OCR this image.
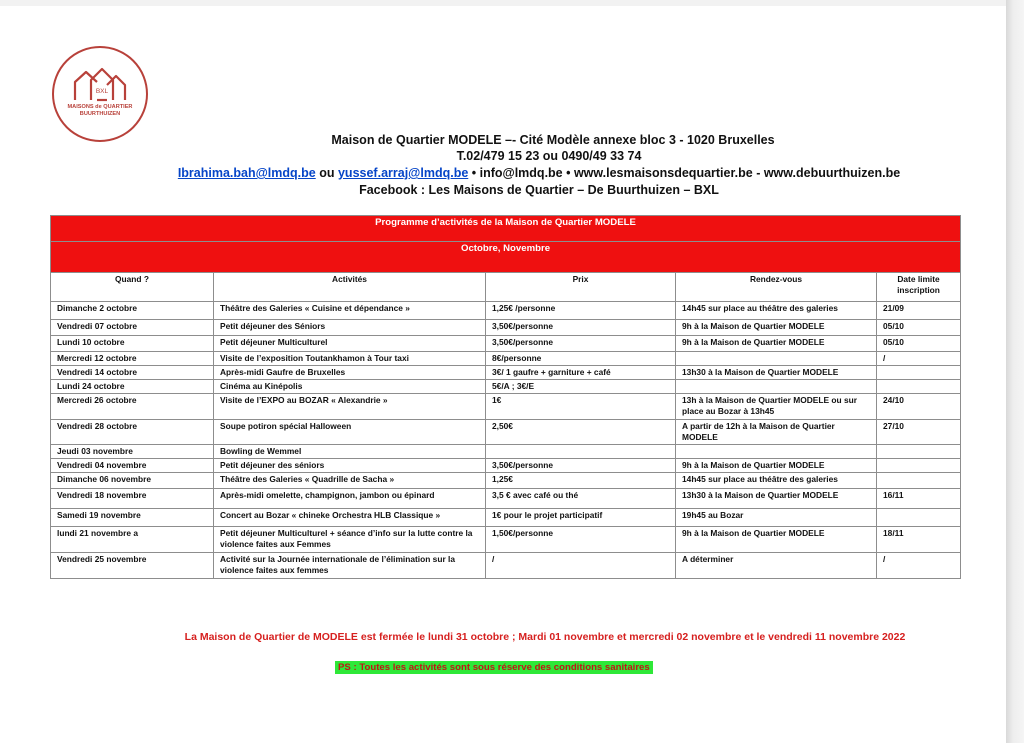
BXL
MAISONS de QUARTIER
BUURTHUIZEN
Maison de Quartier MODELE –- Cité Modèle annexe bloc 3 - 1020 Bruxelles
T.02/479 15 23 ou 0490/49 33 74
Ibrahima.bah@lmdq.be ou yussef.arraj@lmdq.be • info@lmdq.be • www.lesmaisonsdequartier.be - www.debuurthuizen.be
Facebook : Les Maisons de Quartier – De Buurthuizen – BXL
Programme d’activités de la Maison de Quartier MODELE				
Octobre, Novembre				
Quand ?	Activités	Prix	Rendez-vous	Date limite inscription
Dimanche 2 octobre	Théâtre des Galeries « Cuisine et dépendance »	1,25€ /personne	14h45 sur place au théâtre des galeries	21/09
Vendredi 07 octobre	Petit déjeuner des Séniors	3,50€/personne	9h à la Maison de Quartier MODELE	05/10
Lundi 10 octobre	Petit déjeuner Multiculturel	3,50€/personne	9h à la Maison de Quartier MODELE	05/10
Mercredi 12 octobre	Visite de l’exposition Toutankhamon à Tour taxi	8€/personne		/
Vendredi 14 octobre	Après-midi Gaufre de Bruxelles	3€/ 1 gaufre + garniture + café	13h30 à la Maison de Quartier MODELE	
Lundi 24 octobre	Cinéma au Kinépolis	5€/A ; 3€/E		
Mercredi 26 octobre	Visite de l’EXPO au BOZAR « Alexandrie »	1€	13h à la Maison de Quartier MODELE ou sur place au Bozar à 13h45	24/10
Vendredi 28 octobre	Soupe potiron spécial Halloween	2,50€	A partir de 12h à la Maison de Quartier MODELE	27/10
Jeudi 03 novembre	Bowling de Wemmel			
Vendredi 04 novembre	Petit déjeuner des séniors	3,50€/personne	9h à la Maison de Quartier MODELE	
Dimanche 06 novembre	Théâtre des Galeries « Quadrille de Sacha »	1,25€	14h45 sur place au théâtre des galeries	
Vendredi 18 novembre	Après-midi omelette, champignon, jambon ou épinard	3,5 € avec café ou thé	13h30 à la Maison de Quartier MODELE	16/11
Samedi 19 novembre	Concert au Bozar « chineke Orchestra HLB Classique »	1€ pour le projet participatif	19h45 au Bozar	
lundi 21 novembre a	Petit déjeuner Multiculturel + séance d’info sur la lutte contre la violence faites aux Femmes	1,50€/personne	9h à la Maison de Quartier MODELE	18/11
Vendredi 25 novembre	Activité sur la Journée internationale de l’élimination sur la violence faites aux femmes	/	A déterminer	/
La Maison de Quartier de MODELE est fermée le lundi 31 octobre ; Mardi 01 novembre et mercredi 02 novembre et le vendredi 11 novembre 2022
PS : Toutes les activités sont sous réserve des conditions sanitaires
